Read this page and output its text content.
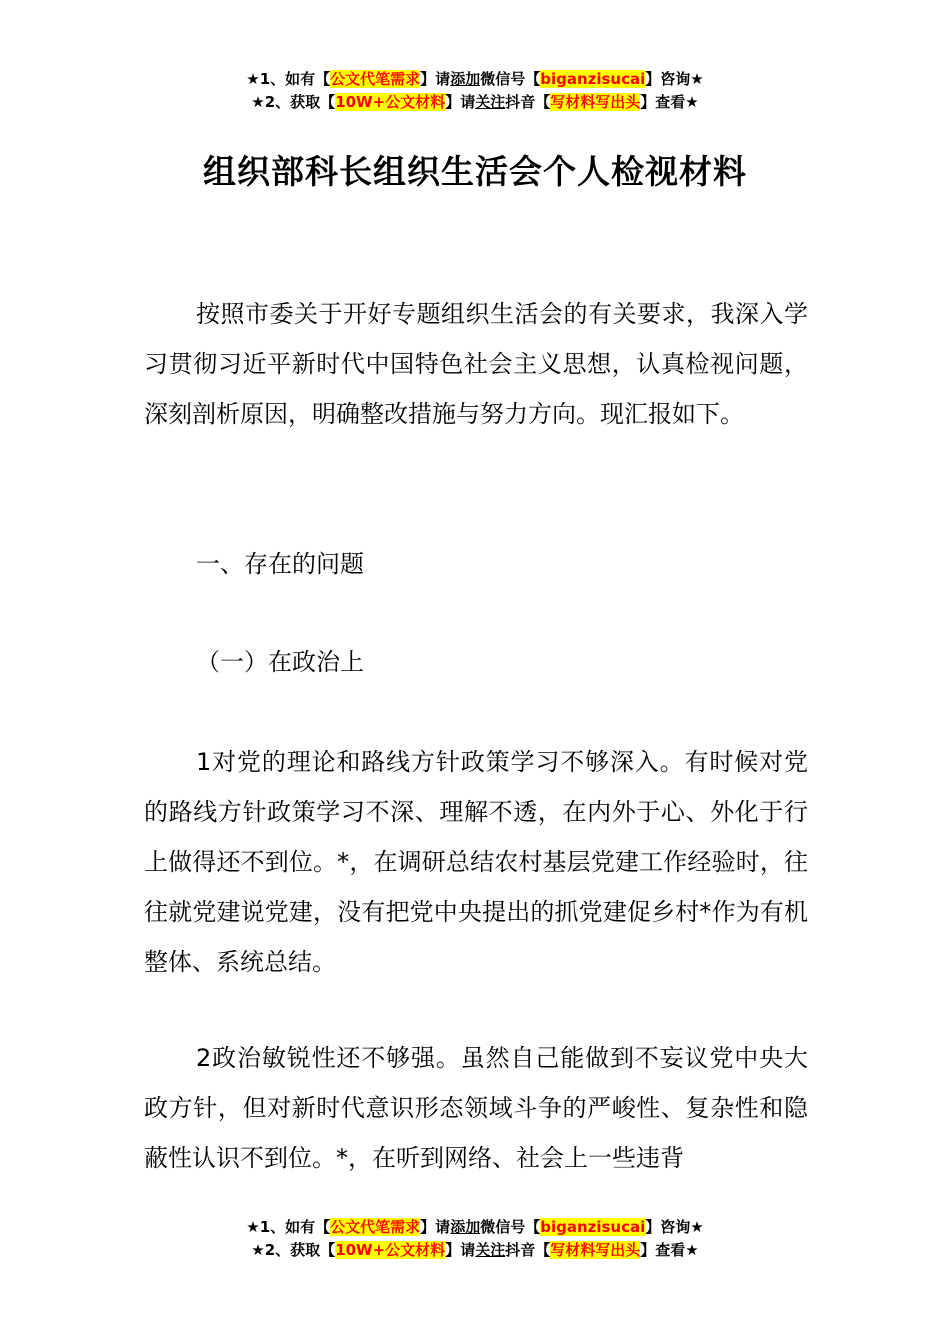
★1、如有【公文代笔需求】请添加微信号【biganzisucai】咨询★
★2、获取【10W+公文材料】请关注抖音【写材料写出头】查看★
组织部科长组织生活会个人检视材料

按照市委关于开好专题组织生活会的有关要求，我深入学习贯彻习近平新时代中国特色社会主义思想，认真检视问题，深刻剖析原因，明确整改措施与努力方向。现汇报如下。

一、存在的问题

（一）在政治上

1对党的理论和路线方针政策学习不够深入。有时候对党的路线方针政策学习不深、理解不透，在内外于心、外化于行上做得还不到位。*，在调研总结农村基层党建工作经验时，往往就党建说党建，没有把党中央提出的抓党建促乡村*作为有机整体、系统总结。

2政治敏锐性还不够强。虽然自己能做到不妄议党中央大政方针，但对新时代意识形态领域斗争的严峻性、复杂性和隐蔽性认识不到位。*，在听到网络、社会上一些违背

★1、如有【公文代笔需求】请添加微信号【biganzisucai】咨询★
★2、获取【10W+公文材料】请关注抖音【写材料写出头】查看★
